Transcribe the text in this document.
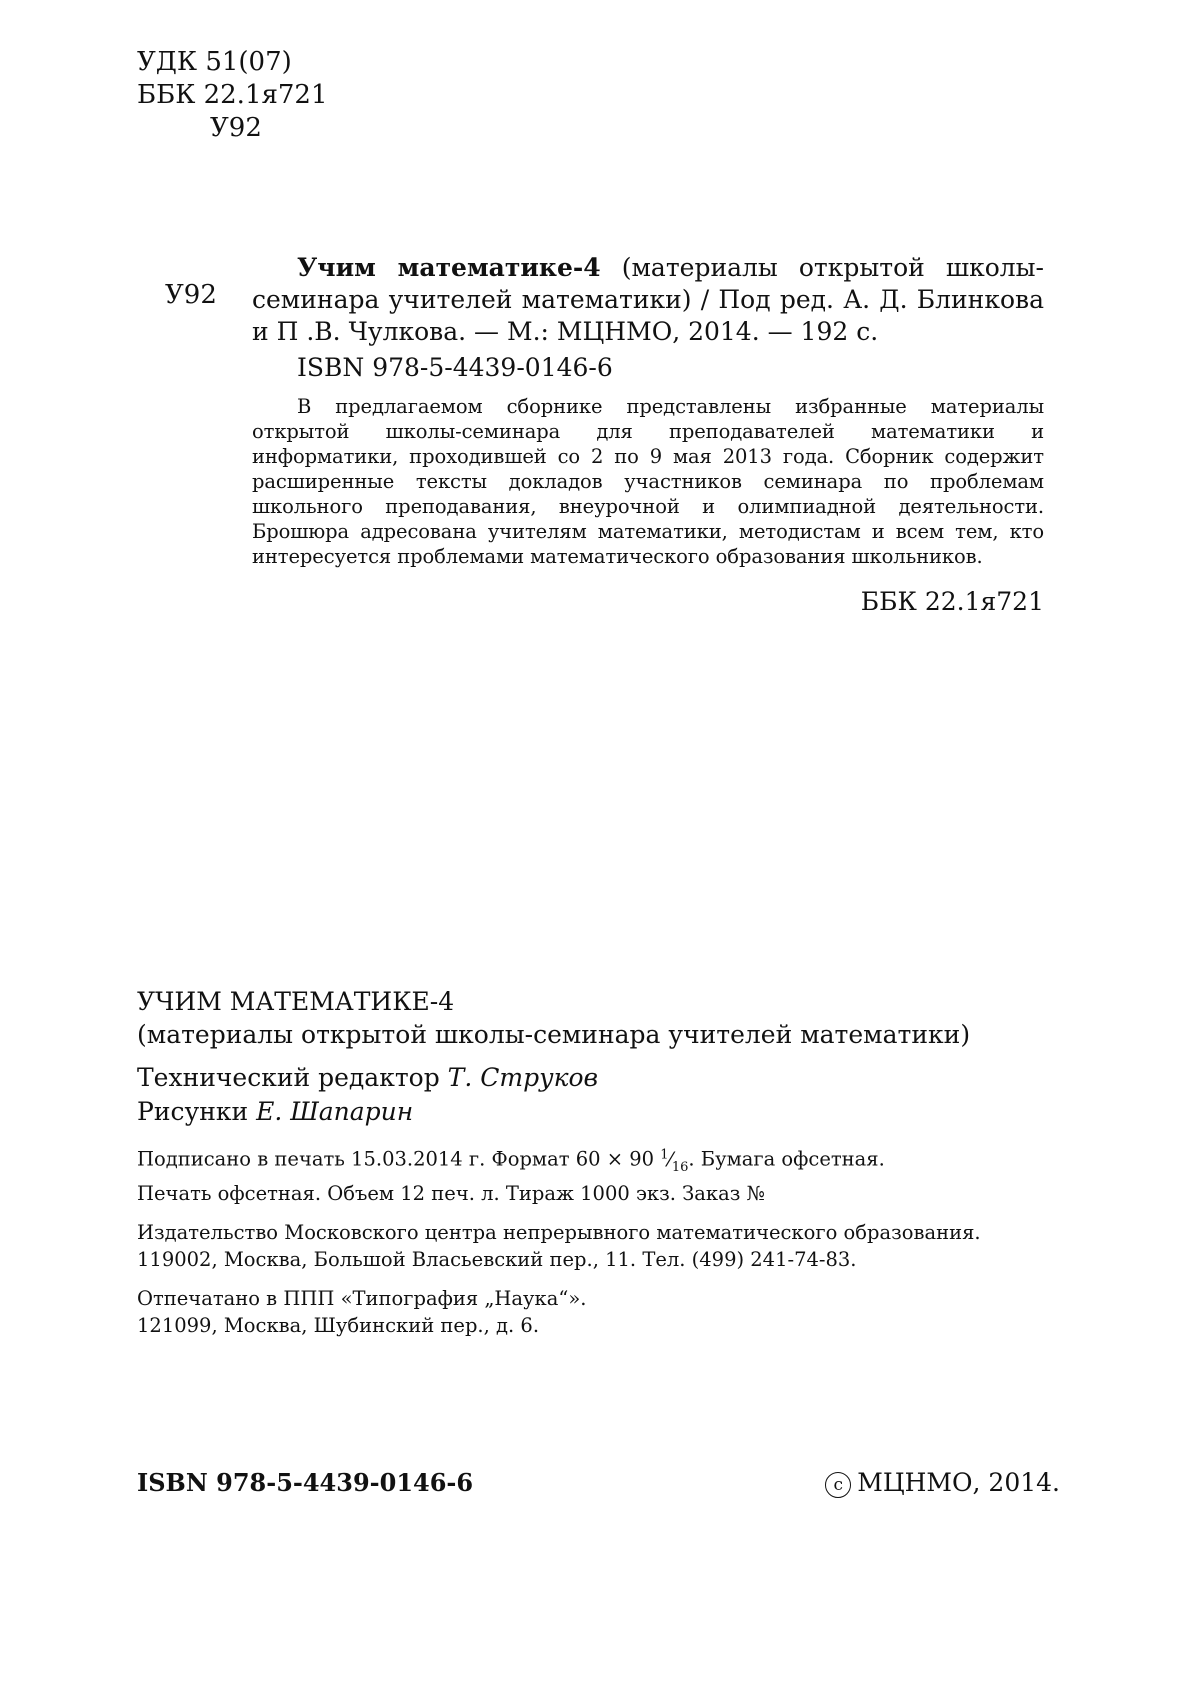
УДК 51(07)
ББК 22.1я721
У92
У92

Учим математике-4 (материалы открытой школы-семинара учителей математики) / Под ред. А. Д. Блинкова и П .В. Чулкова. — М.: МЦНМО, 2014. — 192 с.

ISBN 978-5-4439-0146-6

В предлагаемом сборнике представлены избранные материалы открытой школы-семинара для преподавателей математики и информатики, проходившей со 2 по 9 мая 2013 года. Сборник содержит расширенные тексты докладов участников семинара по проблемам школьного преподавания, внеурочной и олимпиадной деятельности. Брошюра адресована учителям математики, методистам и всем тем, кто интересуется проблемами математического образования школьников.

ББК 22.1я721
УЧИМ МАТЕМАТИКЕ-4
(материалы открытой школы-семинара учителей математики)
Технический редактор Т. Струков
Рисунки Е. Шапарин
Подписано в печать 15.03.2014 г. Формат 60 × 90 1⁄16. Бумага офсетная.
Печать офсетная. Объем 12 печ. л. Тираж 1000 экз. Заказ №
Издательство Московского центра непрерывного математического образования.
119002, Москва, Большой Власьевский пер., 11. Тел. (499) 241-74-83.
Отпечатано в ППП «Типография „Наука“».
121099, Москва, Шубинский пер., д. 6.
ISBN 978-5-4439-0146-6	c МЦНМО, 2014.
